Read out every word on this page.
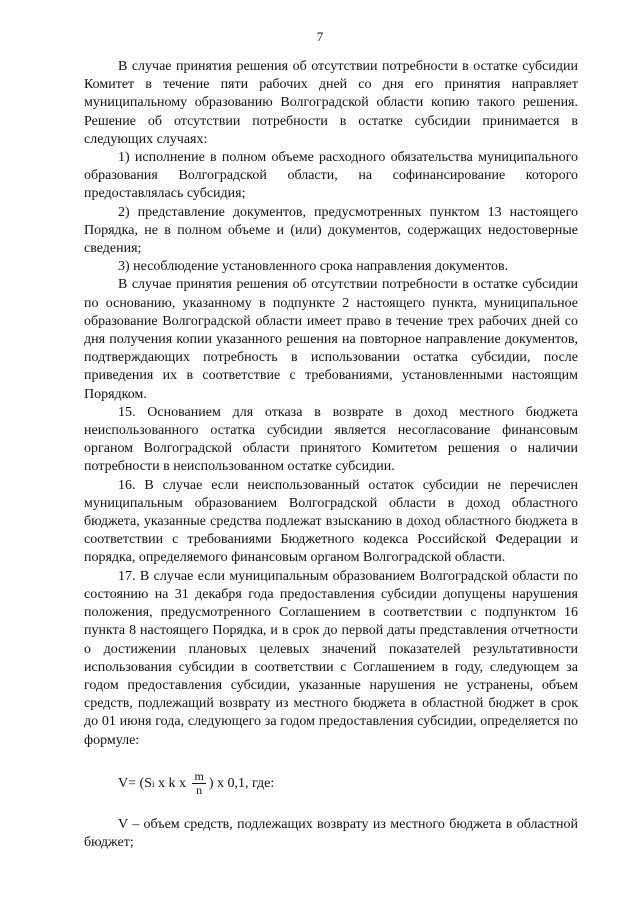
7

В случае принятия решения об отсутствии потребности в остатке субсидии Комитет в течение пяти рабочих дней со дня его принятия направляет муниципальному образованию Волгоградской области копию такого решения. Решение об отсутствии потребности в остатке субсидии принимается в следующих случаях:

1) исполнение в полном объеме расходного обязательства муниципального образования Волгоградской области, на софинансирование которого предоставлялась субсидия;

2) представление документов, предусмотренных пунктом 13 настоящего Порядка, не в полном объеме и (или) документов, содержащих недостоверные сведения;

3) несоблюдение установленного срока направления документов.

В случае принятия решения об отсутствии потребности в остатке субсидии по основанию, указанному в подпункте 2 настоящего пункта, муниципальное образование Волгоградской области имеет право в течение трех рабочих дней со дня получения копии указанного решения на повторное направление документов, подтверждающих потребность в использовании остатка субсидии, после приведения их в соответствие с требованиями, установленными настоящим Порядком.

15. Основанием для отказа в возврате в доход местного бюджета неиспользованного остатка субсидии является несогласование финансовым органом Волгоградской области принятого Комитетом решения о наличии потребности в неиспользованном остатке субсидии.

16. В случае если неиспользованный остаток субсидии не перечислен муниципальным образованием Волгоградской области в доход областного бюджета, указанные средства подлежат взысканию в доход областного бюджета в соответствии с требованиями Бюджетного кодекса Российской Федерации и порядка, определяемого финансовым органом Волгоградской области.

17. В случае если муниципальным образованием Волгоградской области по состоянию на 31 декабря года предоставления субсидии допущены нарушения положения, предусмотренного Соглашением в соответствии с подпунктом 16 пункта 8 настоящего Порядка, и в срок до первой даты представления отчетности о достижении плановых целевых значений показателей результативности использования субсидии в соответствии с Соглашением в году, следующем за годом предоставления субсидии, указанные нарушения не устранены, объем средств, подлежащий возврату из местного бюджета в областной бюджет в срок до 01 июня года, следующего за годом предоставления субсидии, определяется по формуле:

V= (S i x k x $\frac{m}{n}$ ) x 0,1, где:

V – объем средств, подлежащих возврату из местного бюджета в областной бюджет;
